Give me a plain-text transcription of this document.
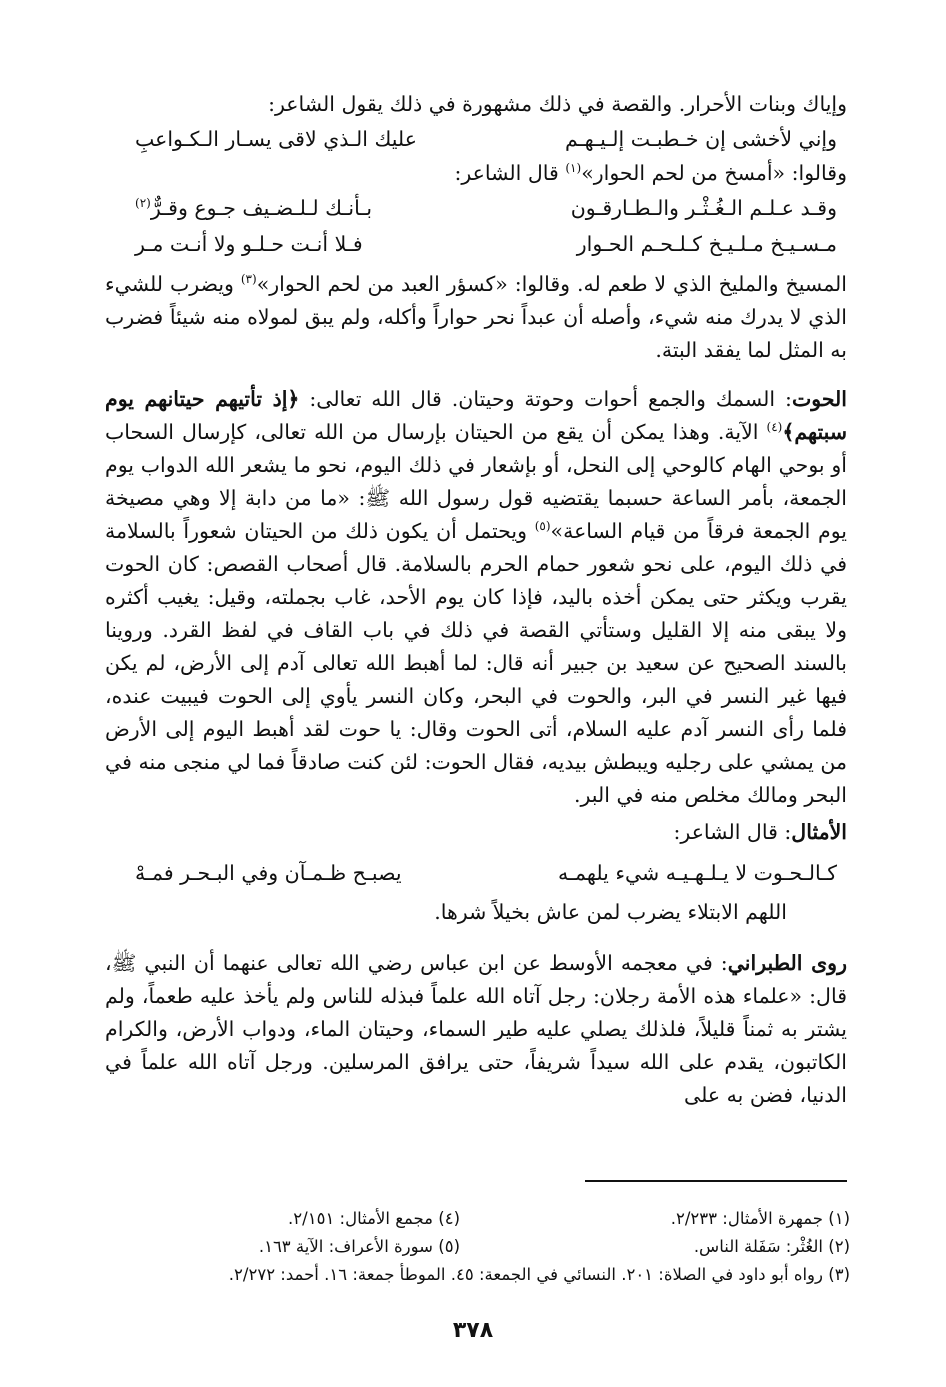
وإياك وبنات الأحرار. والقصة في ذلك مشهورة في ذلك يقول الشاعر:

وإني لأخشى إن خـطبـت إلـيـهـم
عليك الـذي لاقى يسـار الـكـواعبِ

وقالوا: «أمسخ من لحم الحوار»$^{(١)}$ قال الشاعر:

وقـد عـلـم الـغُـثْـر والـطـارقـون
بـأنـك لـلـضـيف جـوع وقـرٌّ$^{(٢)}$
مـسـيـخ مـلـيـخ كـلـحـم الحـوار
فـلا أنـت حـلـو ولا أنـت مـر

المسيخ والمليخ الذي لا طعم له. وقالوا: «كسؤر العبد من لحم الحوار»$^{(٣)}$ ويضرب للشيء الذي لا يدرك منه شيء، وأصله أن عبداً نحر حواراً وأكله، ولم يبق لمولاه منه شيئاً فضرب به المثل لما يفقد البتة.

الحوت: السمك والجمع أحوات وحوتة وحيتان. قال الله تعالى: ﴿إذ تأتيهم حيتانهم يوم سبتهم﴾$^{(٤)}$ الآية. وهذا يمكن أن يقع من الحيتان بإرسال من الله تعالى، كإرسال السحاب أو بوحي الهام كالوحي إلى النحل، أو بإشعار في ذلك اليوم، نحو ما يشعر الله الدواب يوم الجمعة، بأمر الساعة حسبما يقتضيه قول رسول الله ﷺ: «ما من دابة إلا وهي مصيخة يوم الجمعة فرقاً من قيام الساعة»$^{(٥)}$ ويحتمل أن يكون ذلك من الحيتان شعوراً بالسلامة في ذلك اليوم، على نحو شعور حمام الحرم بالسلامة. قال أصحاب القصص: كان الحوت يقرب ويكثر حتى يمكن أخذه باليد، فإذا كان يوم الأحد، غاب بجملته، وقيل: يغيب أكثره ولا يبقى منه إلا القليل وستأتي القصة في ذلك في باب القاف في لفظ القرد. وروينا بالسند الصحيح عن سعيد بن جبير أنه قال: لما أهبط الله تعالى آدم إلى الأرض، لم يكن فيها غير النسر في البر، والحوت في البحر، وكان النسر يأوي إلى الحوت فيبيت عنده، فلما رأى النسر آدم عليه السلام، أتى الحوت وقال: يا حوت لقد أهبط اليوم إلى الأرض من يمشي على رجليه ويبطش بيديه، فقال الحوت: لئن كنت صادقاً فما لي منجى منه في البحر ومالك مخلص منه في البر.

الأمثال: قال الشاعر:

كـالـحـوت لا يـلـهـيـه شيء يلهمـه
يصبـح ظـمـآن وفي البـحـر فمـهْ

اللهم الابتلاء يضرب لمن عاش بخيلاً شرها.

روى الطبراني: في معجمه الأوسط عن ابن عباس رضي الله تعالى عنهما أن النبي ﷺ، قال: «علماء هذه الأمة رجلان: رجل آتاه الله علماً فبذله للناس ولم يأخذ عليه طعماً، ولم يشتر به ثمناً قليلاً، فلذلك يصلي عليه طير السماء، وحيتان الماء، ودواب الأرض، والكرام الكاتبون، يقدم على الله سيداً شريفاً، حتى يرافق المرسلين. ورجل آتاه الله علماً في الدنيا، فضن به على

(١) جمهرة الأمثال: ٢/٢٣٣.
(٤) مجمع الأمثال: ٢/١٥١.
(٢) الغُثْر: سَفَلة الناس.
(٥) سورة الأعراف: الآية ١٦٣.
(٣) رواه أبو داود في الصلاة: ٢٠١. النسائي في الجمعة: ٤٥. الموطأ جمعة: ١٦. أحمد: ٢/٢٧٢.
٣٧٨
